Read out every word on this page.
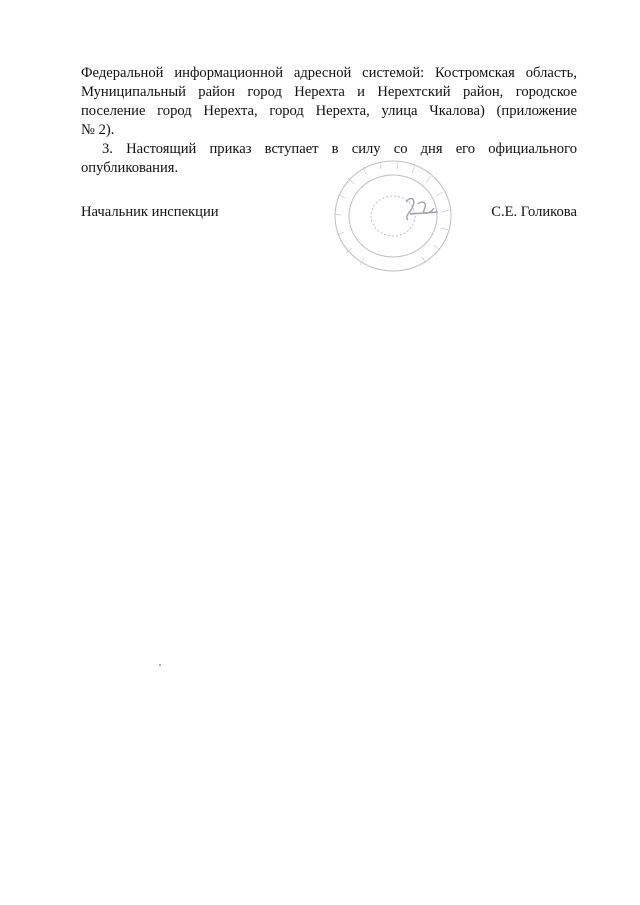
Федеральной информационной адресной системой: Костромская область,
Муниципальный район город Нерехта и Нерехтский район, городское
поселение город Нерехта, город Нерехта, улица Чкалова) (приложение
№ 2).

3. Настоящий приказ вступает в силу со дня его официального
опубликования.

Начальник инспекции	С.Е. Голикова
